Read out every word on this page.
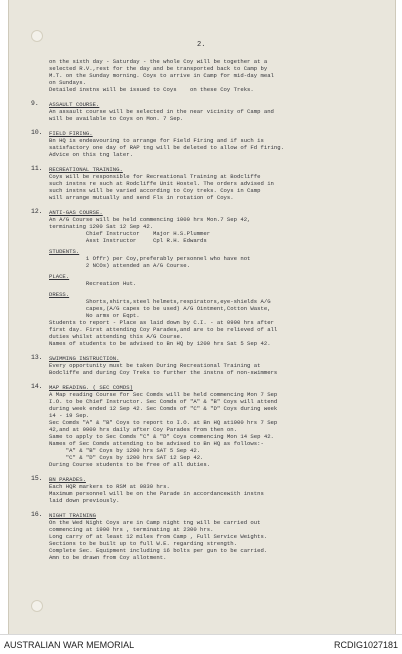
2.
on the sixth day - Saturday - the whole Coy will be together at a
selected R.V.,rest for the day and be transported back to Camp by
M.T. on the Sunday morning. Coys to arrive in Camp for mid-day meal
on Sundays.
Detailed instns will be issued to Coys    on these Coy Treks.
9. ASSAULT COURSE.
An assault course will be selected in the near vicinity of Camp and
will be available to Coys on Mon. 7 Sep.
10. FIELD FIRING.
Bn HQ is endeavouring to arrange for Field Firing and if such is
satisfactory one day of RAP tng will be deleted to allow of Fd firing.
Advice on this tng later.
11. RECREATIONAL TRAINING.
Coys will be responsible for Recreational Training at Bodcliffe
such instns re such at Rodcliffe Unit Hostel. The orders advised in
such instns will be varied according to Coy treks. Coys in Camp
will arrange mutually and send Fls in rotation of Coys.
12. ANTI-GAS COURSE.
An A/G Course will be held commencing 1000 hrs Mon.7 Sep 42,
terminating 1200 Sat 12 Sep 42.
Chief Instructor    Major H.S.Plummer
Asst Instructor     Cpl R.H. Edwards
STUDENTS.
1 Offr) per Coy,preferably personnel who have not
2 NCOs) attended an A/G Course.
PLACE.
Recreation Hut.
DRESS.
Shorts,shirts,steel helmets,respirators,eye-shields A/G
capes,(A/G capes to be used) A/G Ointment,Cotton Waste,
No arms or Eqpt.
Students to report - Place as laid down by C.I. - at 0900 hrs after
first day. First attending Coy Parades,and are to be relieved of all
duties whilst attending this A/G Course.
Names of students to be advised to Bn HQ by 1200 hrs Sat 5 Sep 42.
13. SWIMMING INSTRUCTION.
Every opportunity must be taken During Recreational Training at
Bodcliffe and during Coy Treks to further the instns of non-swimmers
14. MAP READING. ( SEC COMDS)
A Map reading Course for Sec Comds will be held commencing Mon 7 Sep
I.O. to be Chief Instructor. Sec Comds of "A" & "B" Coys will attend
during week ended 12 Sep 42. Sec Comds of "C" & "D" Coys during week
14 - 19 Sep.
Sec Comds "A" & "B" Coys to report to I.O. at Bn HQ at1000 hrs 7 Sep
42,and at 0900 hrs daily after Coy Parades from then on.
Same to apply to Sec Comds "C" & "D" Coys commencing Mon 14 Sep 42.
Names of Sec Comds attending to be advised to Bn HQ as follows:-
"A" & "B" Coys by 1200 hrs SAT 5 Sep 42.
"C" & "D" Coys by 1200 hrs SAT 12 Sep 42.
During Course students to be free of all duties.
15. BN PARADES.
Each HQR markers to RSM at 0830 hrs.
Maximum personnel will be on the Parade in accordancewith instns
laid down previously.
16. NIGHT TRAINING
On the Wed Night Coys are in Camp night tng will be carried out
commencing at 1900 hrs , terminating at 2300 hrs.
Long carry of at least 12 miles from Camp , Full Service Weights.
Sections to be built up to full W.E. regarding strength.
Complete Sec. Equipment including 16 bolts per gun to be carried.
Amn to be drawn from Coy allotment.
AUSTRALIAN WAR MEMORIAL	RCDIG1027181
